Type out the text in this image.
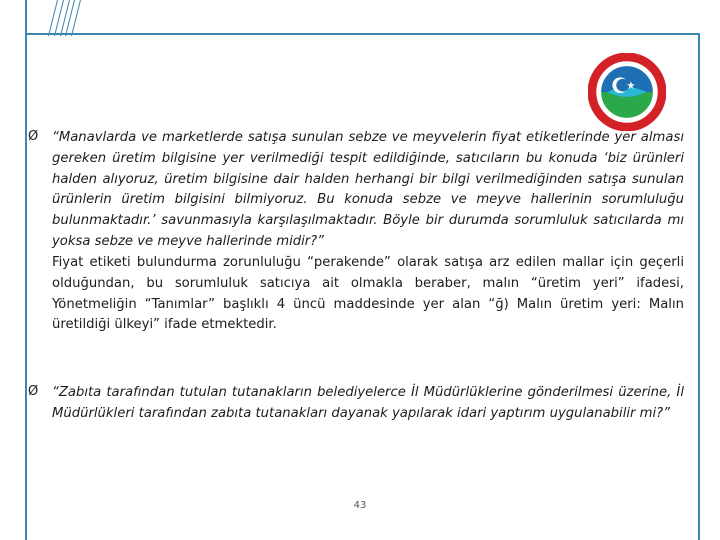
Ø “Manavlarda ve marketlerde satışa sunulan sebze ve meyvelerin fiyat etiketlerinde yer alması gereken üretim bilgisine yer verilmediği tespit edildiğinde, satıcıların bu konuda ‘biz ürünleri halden alıyoruz, üretim bilgisine dair halden herhangi bir bilgi verilmediğinden satışa sunulan ürünlerin üretim bilgisini bilmiyoruz. Bu konuda sebze ve meyve hallerinin sorumluluğu bulunmaktadır.’ savunmasıyla karşılaşılmaktadır. Böyle bir durumda sorumluluk satıcılarda mı yoksa sebze ve meyve hallerinde midir?”
Fiyat etiketi bulundurma zorunluluğu “perakende” olarak satışa arz edilen mallar için geçerli olduğundan, bu sorumluluk satıcıya ait olmakla beraber, malın “üretim yeri” ifadesi, Yönetmeliğin “Tanımlar” başlıklı 4 üncü maddesinde yer alan “ğ) Malın üretim yeri: Malın üretildiği ülkeyi” ifade etmektedir.
Ø “Zabıta tarafından tutulan tutanakların belediyelerce İl Müdürlüklerine gönderilmesi üzerine, İl Müdürlükleri tarafından zabıta tutanakları dayanak yapılarak idari yaptırım uygulanabilir mi?”
43
